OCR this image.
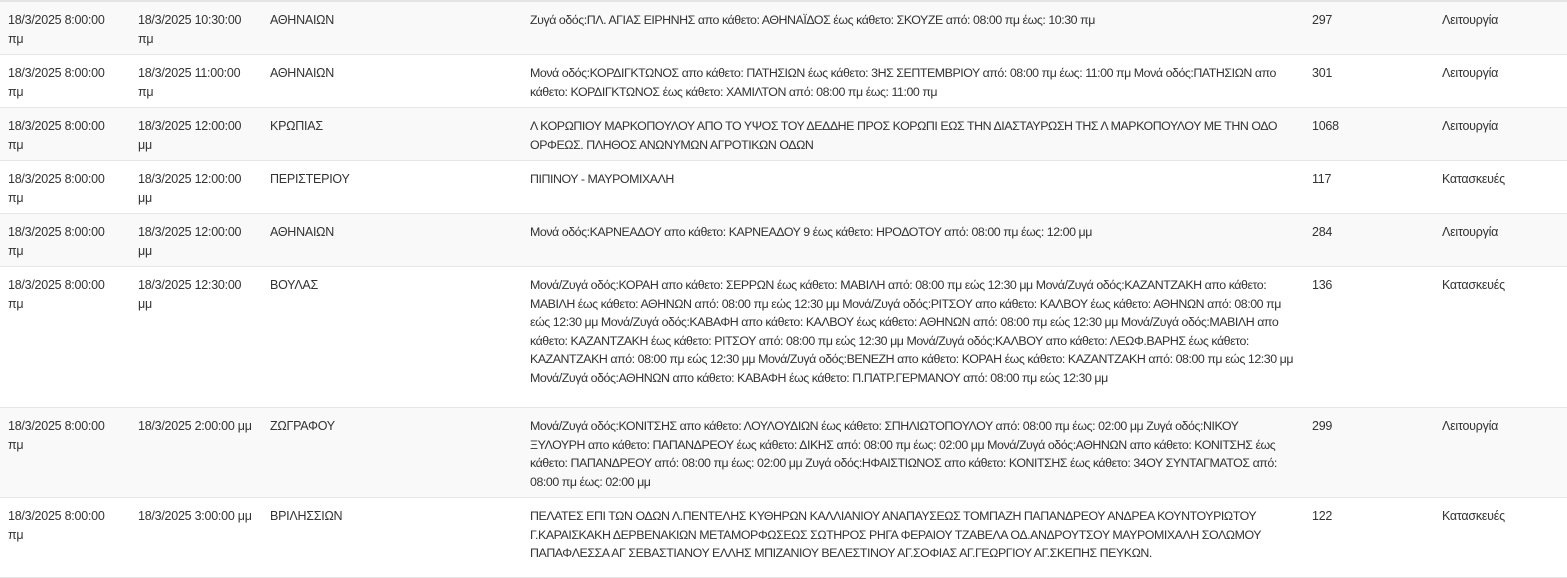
18/3/2025 8:00:00 πμ	18/3/2025 10:30:00 πμ	ΑΘΗΝΑΙΩΝ	Ζυγά οδός:ΠΛ. ΑΓΙΑΣ ΕΙΡΗΝΗΣ απο κάθετο: ΑΘΗΝΑΪΔΟΣ έως κάθετο: ΣΚΟΥΖΕ από: 08:00 πμ έως: 10:30 πμ	297	Λειτουργία
18/3/2025 8:00:00 πμ	18/3/2025 11:00:00 πμ	ΑΘΗΝΑΙΩΝ	Μονά οδός:ΚΟΡΔΙΓΚΤΩΝΟΣ απο κάθετο: ΠΑΤΗΣΙΩΝ έως κάθετο: 3ΗΣ ΣΕΠΤΕΜΒΡΙΟΥ από: 08:00 πμ έως: 11:00 πμ Μονά οδός:ΠΑΤΗΣΙΩΝ απο κάθετο: ΚΟΡΔΙΓΚΤΩΝΟΣ έως κάθετο: ΧΑΜΙΛΤΟΝ από: 08:00 πμ έως: 11:00 πμ	301	Λειτουργία
18/3/2025 8:00:00 πμ	18/3/2025 12:00:00 μμ	ΚΡΩΠΙΑΣ	Λ ΚΟΡΩΠΙΟΥ ΜΑΡΚΟΠΟΥΛΟΥ ΑΠΟ ΤΟ ΥΨΟΣ ΤΟΥ ΔΕΔΔΗΕ ΠΡΟΣ ΚΟΡΩΠΙ ΕΩΣ ΤΗΝ ΔΙΑΣΤΑΥΡΩΣΗ ΤΗΣ Λ ΜΑΡΚΟΠΟΥΛΟΥ ΜΕ ΤΗΝ ΟΔΟ ΟΡΦΕΩΣ. ΠΛΗΘΟΣ ΑΝΩΝΥΜΩΝ ΑΓΡΟΤΙΚΩΝ ΟΔΩΝ	1068	Λειτουργία
18/3/2025 8:00:00 πμ	18/3/2025 12:00:00 μμ	ΠΕΡΙΣΤΕΡΙΟΥ	ΠΙΠΙΝΟΥ - ΜΑΥΡΟΜΙΧΑΛΗ	117	Κατασκευές
18/3/2025 8:00:00 πμ	18/3/2025 12:00:00 μμ	ΑΘΗΝΑΙΩΝ	Μονά οδός:ΚΑΡΝΕΑΔΟΥ απο κάθετο: ΚΑΡΝΕΑΔΟΥ 9 έως κάθετο: ΗΡΟΔΟΤΟΥ από: 08:00 πμ έως: 12:00 μμ	284	Λειτουργία
18/3/2025 8:00:00 πμ	18/3/2025 12:30:00 μμ	ΒΟΥΛΑΣ	Μονά/Ζυγά οδός:ΚΟΡΑΗ απο κάθετο: ΣΕΡΡΩΝ έως κάθετο: ΜΑΒΙΛΗ από: 08:00 πμ εώς 12:30 μμ Μονά/Ζυγά οδός:ΚΑΖΑΝΤΖΑΚΗ απο κάθετο: ΜΑΒΙΛΗ έως κάθετο: ΑΘΗΝΩΝ από: 08:00 πμ εώς 12:30 μμ Μονά/Ζυγά οδός:ΡΙΤΣΟΥ απο κάθετο: ΚΑΛΒΟΥ έως κάθετο: ΑΘΗΝΩΝ από: 08:00 πμ εώς 12:30 μμ Μονά/Ζυγά οδός:ΚΑΒΑΦΗ απο κάθετο: ΚΑΛΒΟΥ έως κάθετο: ΑΘΗΝΩΝ από: 08:00 πμ εώς 12:30 μμ Μονά/Ζυγά οδός:ΜΑΒΙΛΗ απο κάθετο: ΚΑΖΑΝΤΖΑΚΗ έως κάθετο: ΡΙΤΣΟΥ από: 08:00 πμ εώς 12:30 μμ Μονά/Ζυγά οδός:ΚΑΛΒΟΥ απο κάθετο: ΛΕΩΦ.ΒΑΡΗΣ έως κάθετο: ΚΑΖΑΝΤΖΑΚΗ από: 08:00 πμ εώς 12:30 μμ Μονά/Ζυγά οδός:ΒΕΝΕΖΗ απο κάθετο: ΚΟΡΑΗ έως κάθετο: ΚΑΖΑΝΤΖΑΚΗ από: 08:00 πμ εώς 12:30 μμ Μονά/Ζυγά οδός:ΑΘΗΝΩΝ απο κάθετο: ΚΑΒΑΦΗ έως κάθετο: Π.ΠΑΤΡ.ΓΕΡΜΑΝΟΥ από: 08:00 πμ εώς 12:30 μμ	136	Κατασκευές
18/3/2025 8:00:00 πμ	18/3/2025 2:00:00 μμ	ΖΩΓΡΑΦΟΥ	Μονά/Ζυγά οδός:ΚΟΝΙΤΣΗΣ απο κάθετο: ΛΟΥΛΟΥΔΙΩΝ έως κάθετο: ΣΠΗΛΙΩΤΟΠΟΥΛΟΥ από: 08:00 πμ έως: 02:00 μμ Ζυγά οδός:ΝΙΚΟΥ ΞΥΛΟΥΡΗ απο κάθετο: ΠΑΠΑΝΔΡΕΟΥ έως κάθετο: ΔΙΚΗΣ από: 08:00 πμ έως: 02:00 μμ Μονά/Ζυγά οδός:ΑΘΗΝΩΝ απο κάθετο: ΚΟΝΙΤΣΗΣ έως κάθετο: ΠΑΠΑΝΔΡΕΟΥ από: 08:00 πμ έως: 02:00 μμ Ζυγά οδός:ΗΦΑΙΣΤΙΩΝΟΣ απο κάθετο: ΚΟΝΙΤΣΗΣ έως κάθετο: 34ΟΥ ΣΥΝΤΑΓΜΑΤΟΣ από: 08:00 πμ έως: 02:00 μμ	299	Λειτουργία
18/3/2025 8:00:00 πμ	18/3/2025 3:00:00 μμ	ΒΡΙΛΗΣΣΙΩΝ	ΠΕΛΑΤΕΣ ΕΠΙ ΤΩΝ ΟΔΩΝ Λ.ΠΕΝΤΕΛΗΣ ΚΥΘΗΡΩΝ ΚΑΛΛΙΑΝΙΟΥ ΑΝΑΠΑΥΣΕΩΣ ΤΟΜΠΑΖΗ ΠΑΠΑΝΔΡΕΟΥ ΑΝΔΡΕΑ ΚΟΥΝΤΟΥΡΙΩΤΟΥ Γ.ΚΑΡΑΙΣΚΑΚΗ ΔΕΡΒΕΝΑΚΙΩΝ ΜΕΤΑΜΟΡΦΩΣΕΩΣ ΣΩΤΗΡΟΣ ΡΗΓΑ ΦΕΡΑΙΟΥ ΤΖΑΒΕΛΑ ΟΔ.ΑΝΔΡΟΥΤΣΟΥ ΜΑΥΡΟΜΙΧΑΛΗ ΣΟΛΩΜΟΥ ΠΑΠΑΦΛΕΣΣΑ ΑΓ ΣΕΒΑΣΤΙΑΝΟΥ ΕΛΛΗΣ ΜΠΙΖΑΝΙΟΥ ΒΕΛΕΣΤΙΝΟΥ ΑΓ.ΣΟΦΙΑΣ ΑΓ.ΓΕΩΡΓΙΟΥ ΑΓ.ΣΚΕΠΗΣ ΠΕΥΚΩΝ.	122	Κατασκευές
